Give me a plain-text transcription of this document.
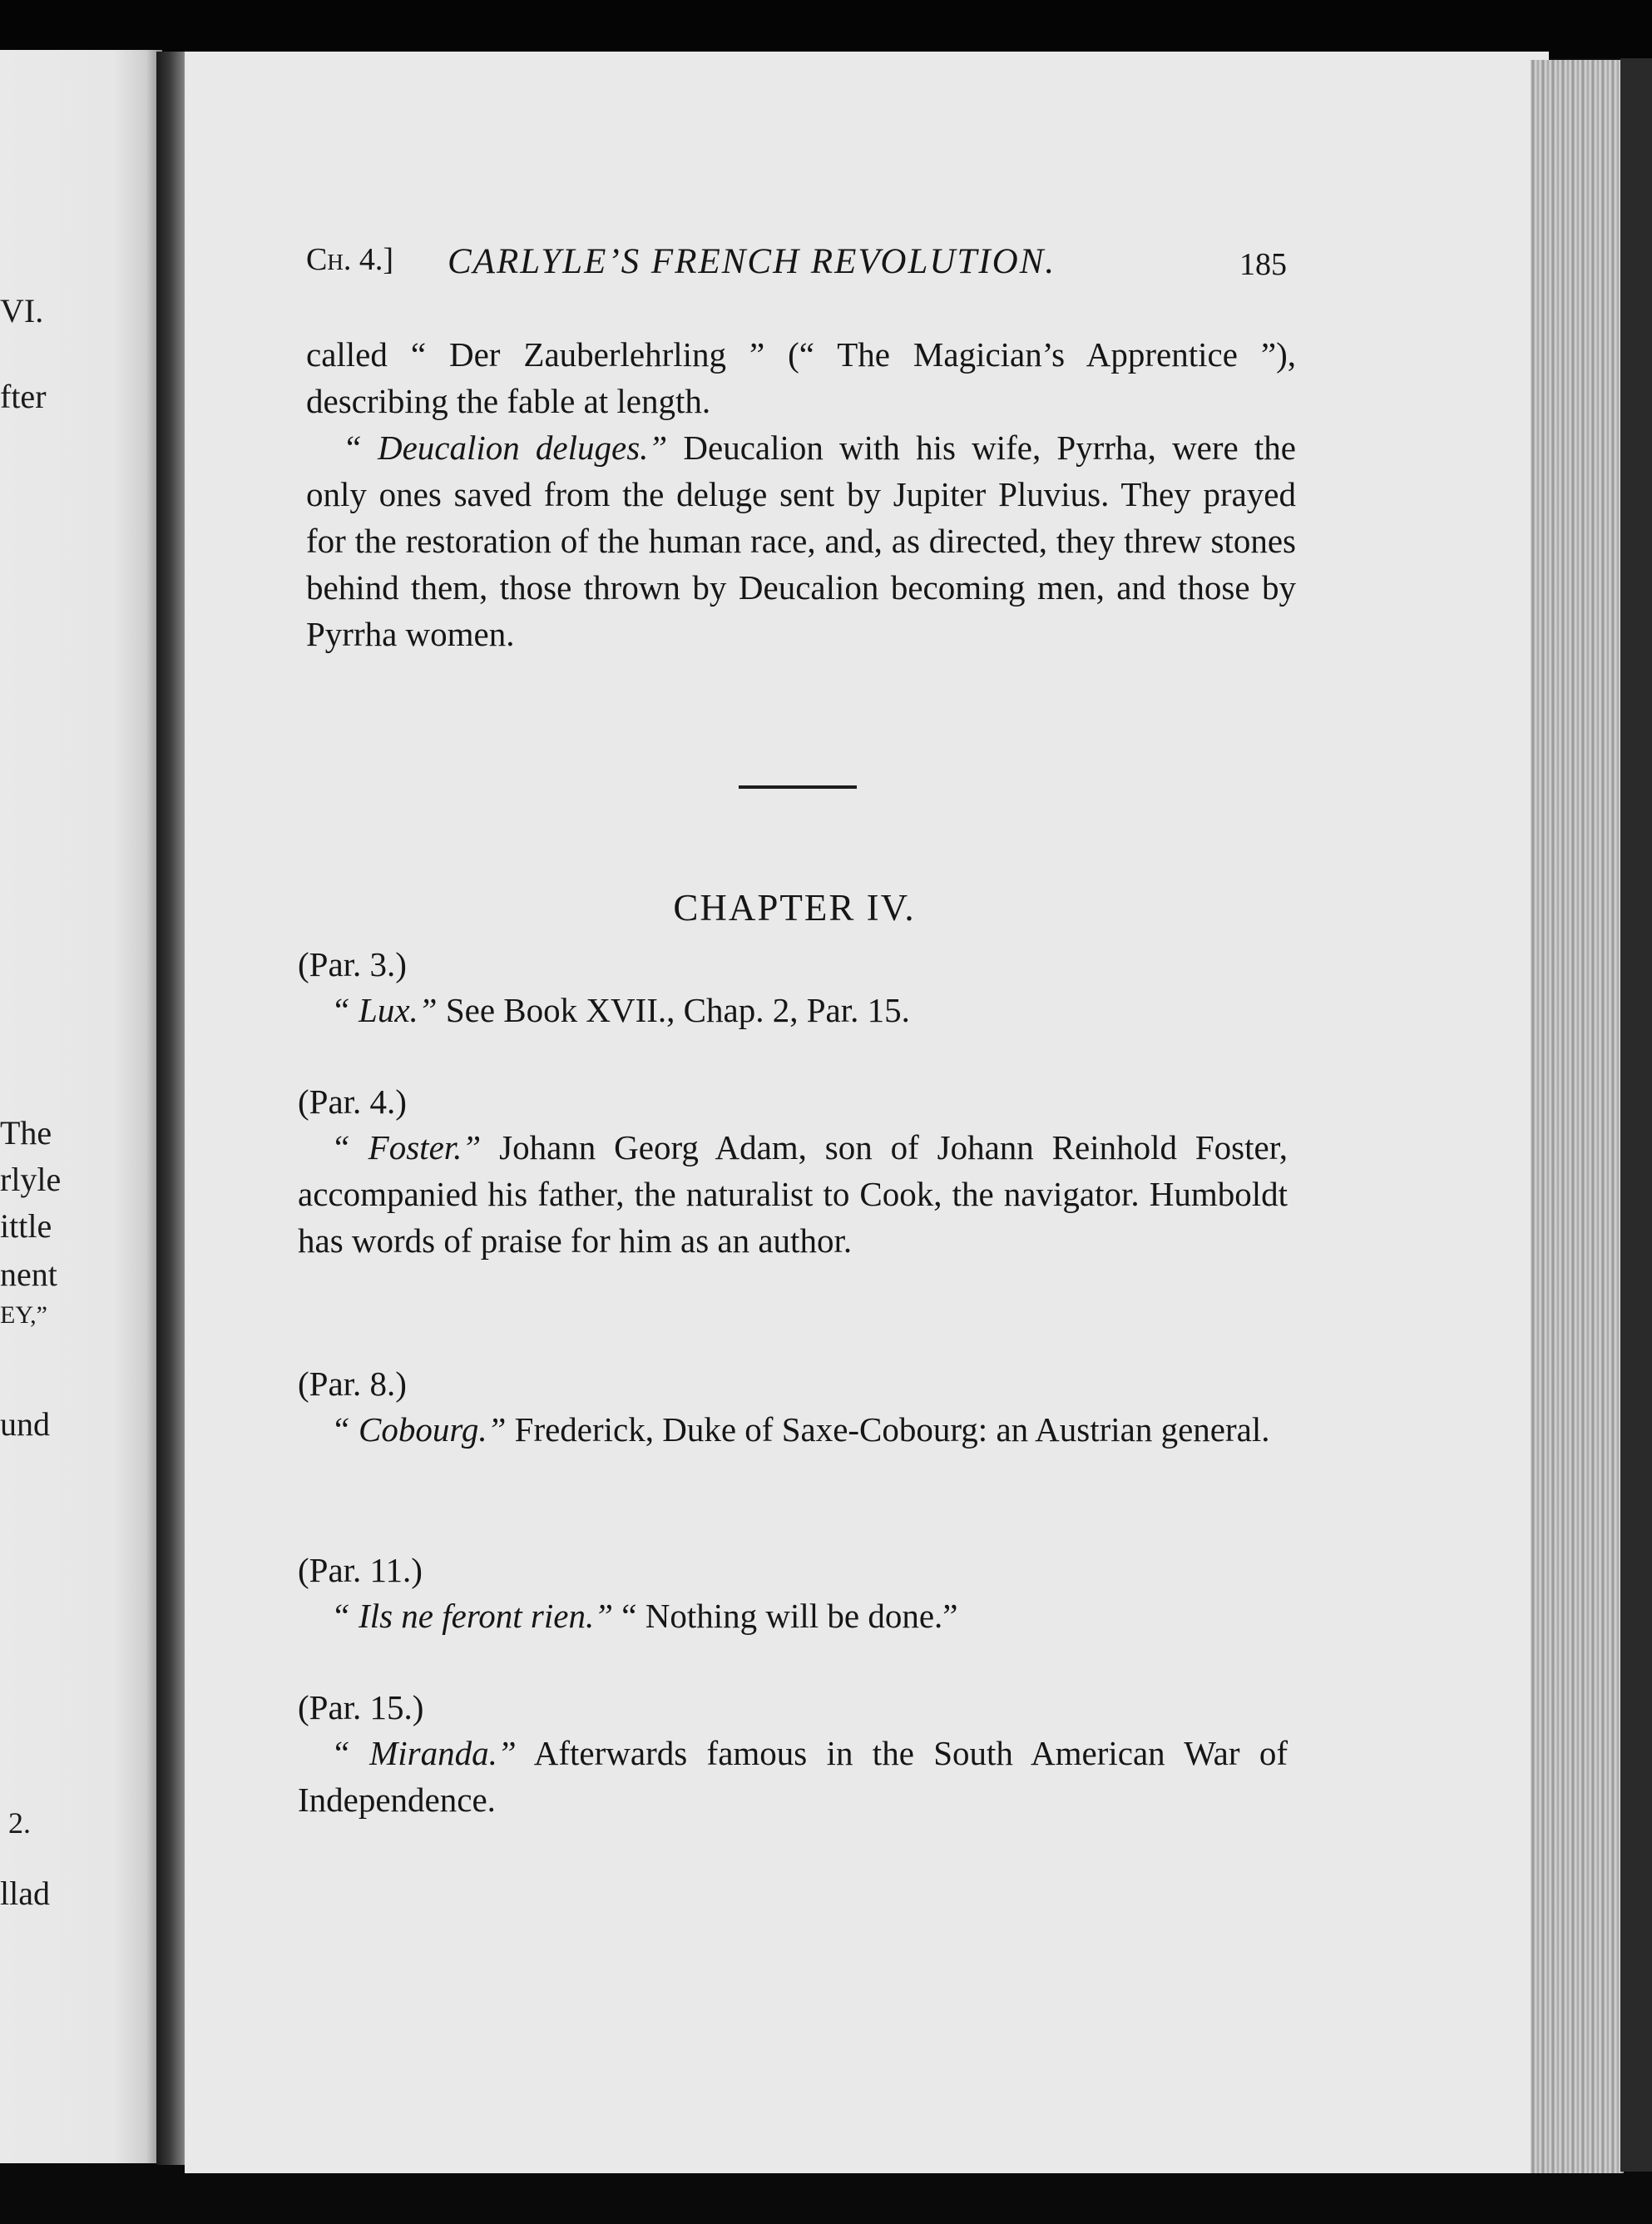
VI.
fter
The
rlyle
ittle
nent
EY,”
und
2.
llad
Ch. 4.] CARLYLE’S FRENCH REVOLUTION.	185

called “ Der Zauberlehrling ” (“ The Magician’s Apprentice ”), describing the fable at length.

“ Deucalion deluges.” Deucalion with his wife, Pyrrha, were the only ones saved from the deluge sent by Jupiter Pluvius. They prayed for the restoration of the human race, and, as directed, they threw stones behind them, those thrown by Deucalion becoming men, and those by Pyrrha women.

CHAPTER IV.
(Par. 3.)

“ Lux.” See Book XVII., Chap. 2, Par. 15.

(Par. 4.)

“ Foster.” Johann Georg Adam, son of Johann Reinhold Foster, accompanied his father, the naturalist to Cook, the navigator. Humboldt has words of praise for him as an author.

(Par. 8.)

“ Cobourg.” Frederick, Duke of Saxe-Cobourg: an Austrian general.

(Par. 11.)

“ Ils ne feront rien.” “ Nothing will be done.”

(Par. 15.)

“ Miranda.” Afterwards famous in the South American War of Independence.
